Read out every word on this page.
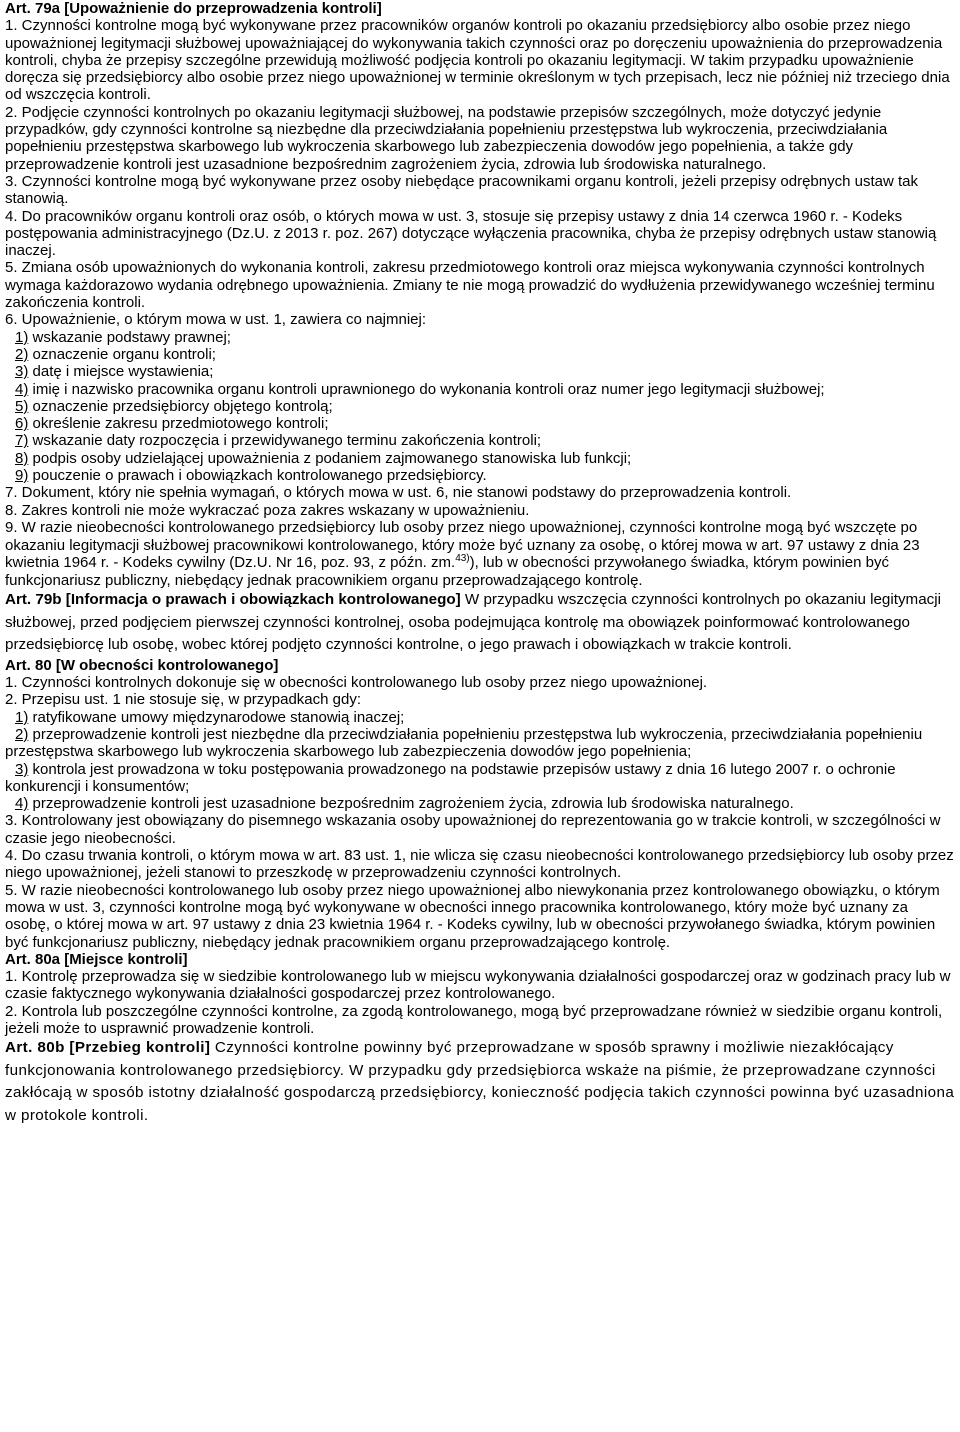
Art. 79a [Upoważnienie do przeprowadzenia kontroli]

1. Czynności kontrolne mogą być wykonywane przez pracowników organów kontroli po okazaniu przedsiębiorcy albo osobie przez niego upoważnionej legitymacji służbowej upoważniającej do wykonywania takich czynności oraz po doręczeniu upoważnienia do przeprowadzenia kontroli, chyba że przepisy szczególne przewidują możliwość podjęcia kontroli po okazaniu legitymacji. W takim przypadku upoważnienie doręcza się przedsiębiorcy albo osobie przez niego upoważnionej w terminie określonym w tych przepisach, lecz nie później niż trzeciego dnia od wszczęcia kontroli.

2. Podjęcie czynności kontrolnych po okazaniu legitymacji służbowej, na podstawie przepisów szczególnych, może dotyczyć jedynie przypadków, gdy czynności kontrolne są niezbędne dla przeciwdziałania popełnieniu przestępstwa lub wykroczenia, przeciwdziałania popełnieniu przestępstwa skarbowego lub wykroczenia skarbowego lub zabezpieczenia dowodów jego popełnienia, a także gdy przeprowadzenie kontroli jest uzasadnione bezpośrednim zagrożeniem życia, zdrowia lub środowiska naturalnego.

3. Czynności kontrolne mogą być wykonywane przez osoby niebędące pracownikami organu kontroli, jeżeli przepisy odrębnych ustaw tak stanowią.

4. Do pracowników organu kontroli oraz osób, o których mowa w ust. 3, stosuje się przepisy ustawy z dnia 14 czerwca 1960 r. - Kodeks postępowania administracyjnego (Dz.U. z 2013 r. poz. 267) dotyczące wyłączenia pracownika, chyba że przepisy odrębnych ustaw stanowią inaczej.

5. Zmiana osób upoważnionych do wykonania kontroli, zakresu przedmiotowego kontroli oraz miejsca wykonywania czynności kontrolnych wymaga każdorazowo wydania odrębnego upoważnienia. Zmiany te nie mogą prowadzić do wydłużenia przewidywanego wcześniej terminu zakończenia kontroli.

6. Upoważnienie, o którym mowa w ust. 1, zawiera co najmniej:

1) wskazanie podstawy prawnej;

2) oznaczenie organu kontroli;

3) datę i miejsce wystawienia;

4) imię i nazwisko pracownika organu kontroli uprawnionego do wykonania kontroli oraz numer jego legitymacji służbowej;

5) oznaczenie przedsiębiorcy objętego kontrolą;

6) określenie zakresu przedmiotowego kontroli;

7) wskazanie daty rozpoczęcia i przewidywanego terminu zakończenia kontroli;

8) podpis osoby udzielającej upoważnienia z podaniem zajmowanego stanowiska lub funkcji;

9) pouczenie o prawach i obowiązkach kontrolowanego przedsiębiorcy.

7. Dokument, który nie spełnia wymagań, o których mowa w ust. 6, nie stanowi podstawy do przeprowadzenia kontroli.

8. Zakres kontroli nie może wykraczać poza zakres wskazany w upoważnieniu.

9. W razie nieobecności kontrolowanego przedsiębiorcy lub osoby przez niego upoważnionej, czynności kontrolne mogą być wszczęte po okazaniu legitymacji służbowej pracownikowi kontrolowanego, który może być uznany za osobę, o której mowa w art. 97 ustawy z dnia 23 kwietnia 1964 r. - Kodeks cywilny (Dz.U. Nr 16, poz. 93, z późn. zm.$^{43)}$), lub w obecności przywołanego świadka, którym powinien być funkcjonariusz publiczny, niebędący jednak pracownikiem organu przeprowadzającego kontrolę.

Art. 79b [Informacja o prawach i obowiązkach kontrolowanego] W przypadku wszczęcia czynności kontrolnych po okazaniu legitymacji służbowej, przed podjęciem pierwszej czynności kontrolnej, osoba podejmująca kontrolę ma obowiązek poinformować kontrolowanego przedsiębiorcę lub osobę, wobec której podjęto czynności kontrolne, o jego prawach i obowiązkach w trakcie kontroli.

Art. 80 [W obecności kontrolowanego]

1. Czynności kontrolnych dokonuje się w obecności kontrolowanego lub osoby przez niego upoważnionej.

2. Przepisu ust. 1 nie stosuje się, w przypadkach gdy:

1) ratyfikowane umowy międzynarodowe stanowią inaczej;

2) przeprowadzenie kontroli jest niezbędne dla przeciwdziałania popełnieniu przestępstwa lub wykroczenia, przeciwdziałania popełnieniu przestępstwa skarbowego lub wykroczenia skarbowego lub zabezpieczenia dowodów jego popełnienia;

3) kontrola jest prowadzona w toku postępowania prowadzonego na podstawie przepisów ustawy z dnia 16 lutego 2007 r. o ochronie konkurencji i konsumentów;

4) przeprowadzenie kontroli jest uzasadnione bezpośrednim zagrożeniem życia, zdrowia lub środowiska naturalnego.

3. Kontrolowany jest obowiązany do pisemnego wskazania osoby upoważnionej do reprezentowania go w trakcie kontroli, w szczególności w czasie jego nieobecności.

4. Do czasu trwania kontroli, o którym mowa w art. 83 ust. 1, nie wlicza się czasu nieobecności kontrolowanego przedsiębiorcy lub osoby przez niego upoważnionej, jeżeli stanowi to przeszkodę w przeprowadzeniu czynności kontrolnych.

5. W razie nieobecności kontrolowanego lub osoby przez niego upoważnionej albo niewykonania przez kontrolowanego obowiązku, o którym mowa w ust. 3, czynności kontrolne mogą być wykonywane w obecności innego pracownika kontrolowanego, który może być uznany za osobę, o której mowa w art. 97 ustawy z dnia 23 kwietnia 1964 r. - Kodeks cywilny, lub w obecności przywołanego świadka, którym powinien być funkcjonariusz publiczny, niebędący jednak pracownikiem organu przeprowadzającego kontrolę.

Art. 80a [Miejsce kontroli]

1. Kontrolę przeprowadza się w siedzibie kontrolowanego lub w miejscu wykonywania działalności gospodarczej oraz w godzinach pracy lub w czasie faktycznego wykonywania działalności gospodarczej przez kontrolowanego.

2. Kontrola lub poszczególne czynności kontrolne, za zgodą kontrolowanego, mogą być przeprowadzane również w siedzibie organu kontroli, jeżeli może to usprawnić prowadzenie kontroli.

Art. 80b [Przebieg kontroli] Czynności kontrolne powinny być przeprowadzane w sposób sprawny i możliwie niezakłócający funkcjonowania kontrolowanego przedsiębiorcy. W przypadku gdy przedsiębiorca wskaże na piśmie, że przeprowadzane czynności zakłócają w sposób istotny działalność gospodarczą przedsiębiorcy, konieczność podjęcia takich czynności powinna być uzasadniona w protokole kontroli.
